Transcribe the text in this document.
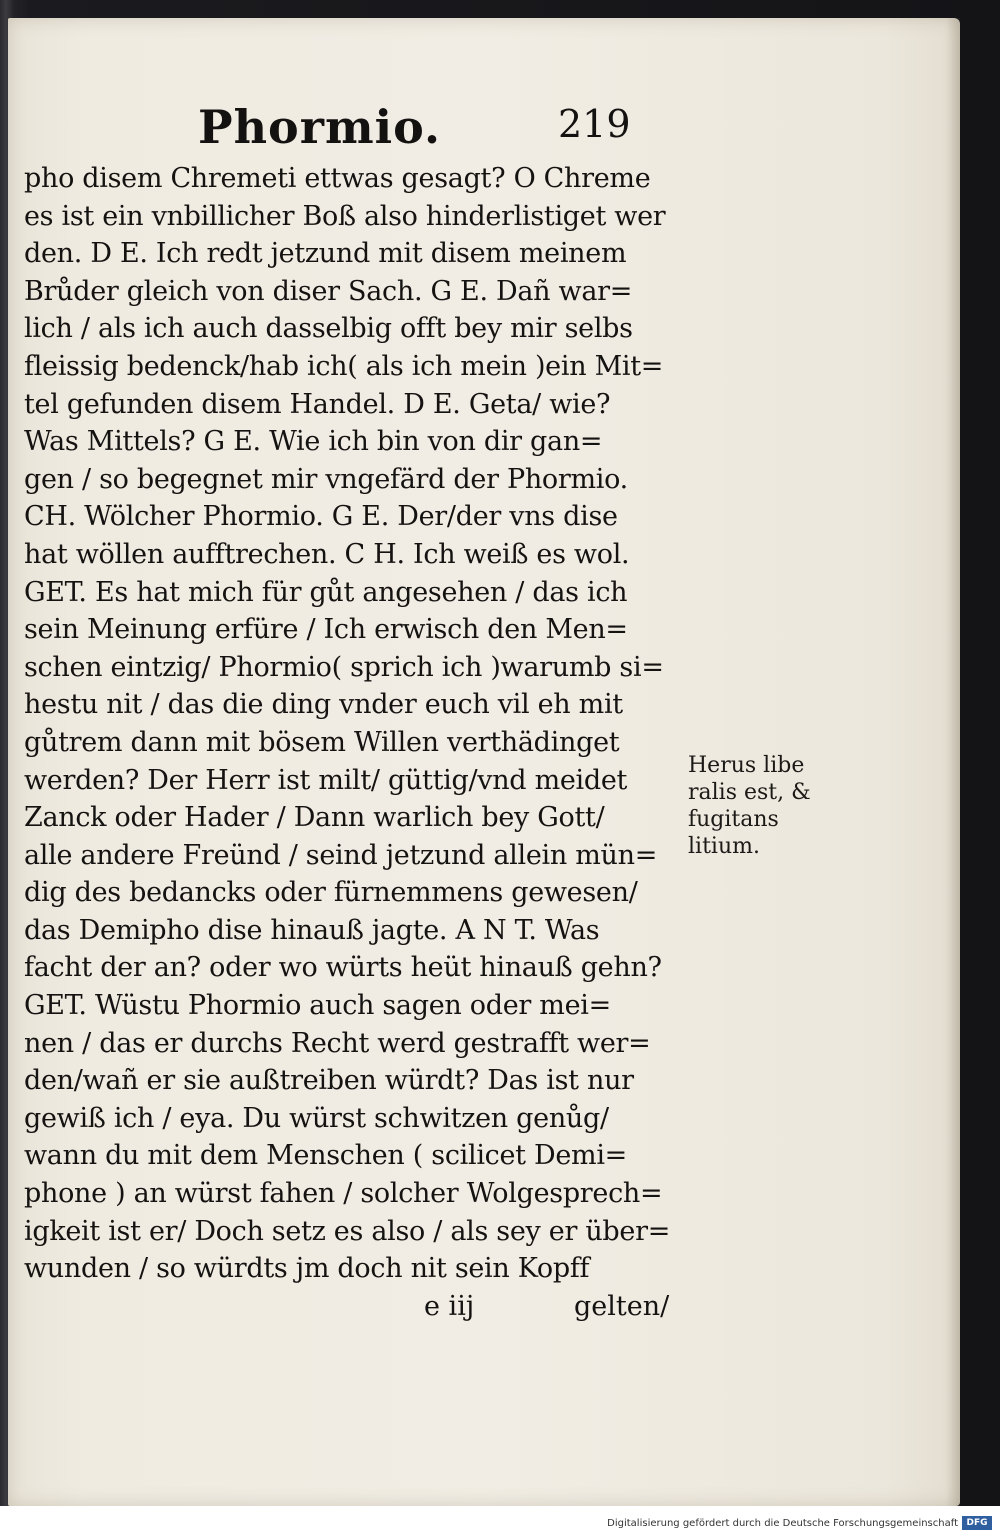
Phormio.	219
pho disem Chremeti ettwas gesagt? O Chreme
es ist ein vnbillicher Boß also hinderlistiget wer
den. D E. Ich redt jetzund mit disem meinem
Brůder gleich von diser Sach. G E. Dañ war=
lich / als ich auch dasselbig offt bey mir selbs
fleissig bedenck/hab ich( als ich mein )ein Mit=
tel gefunden disem Handel. D E. Geta/ wie?
Was Mittels? G E. Wie ich bin von dir gan=
gen / so begegnet mir vngefärd der Phormio.
CH. Wölcher Phormio. G E. Der/der vns dise
hat wöllen aufftrechen. C H. Ich weiß es wol.
GET. Es hat mich für gůt angesehen / das ich
sein Meinung erfüre / Ich erwisch den Men=
schen eintzig/ Phormio( sprich ich )warumb si=
hestu nit / das die ding vnder euch vil eh mit
gůtrem dann mit bösem Willen verthädinget
werden? Der Herr ist milt/ güttig/vnd meidet
Zanck oder Hader / Dann warlich bey Gott/
alle andere Freünd / seind jetzund allein mün=
dig des bedancks oder fürnemmens gewesen/
das Demipho dise hinauß jagte. A N T. Was
facht der an? oder wo würts heüt hinauß gehn?
GET. Wüstu Phormio auch sagen oder mei=
nen / das er durchs Recht werd gestrafft wer=
den/wañ er sie außtreiben würdt? Das ist nur
gewiß ich / eya. Du würst schwitzen genůg/
wann du mit dem Menschen ( scilicet Demi=
phone ) an würst fahen / solcher Wolgesprech=
igkeit ist er/ Doch setz es also / als sey er über=
wunden / so würdts jm doch nit sein Kopff
e iij	gelten/
Herus libe
ralis est, &
fugitans
litium.
Digitalisierung gefördert durch die Deutsche Forschungsgemeinschaft DFG
